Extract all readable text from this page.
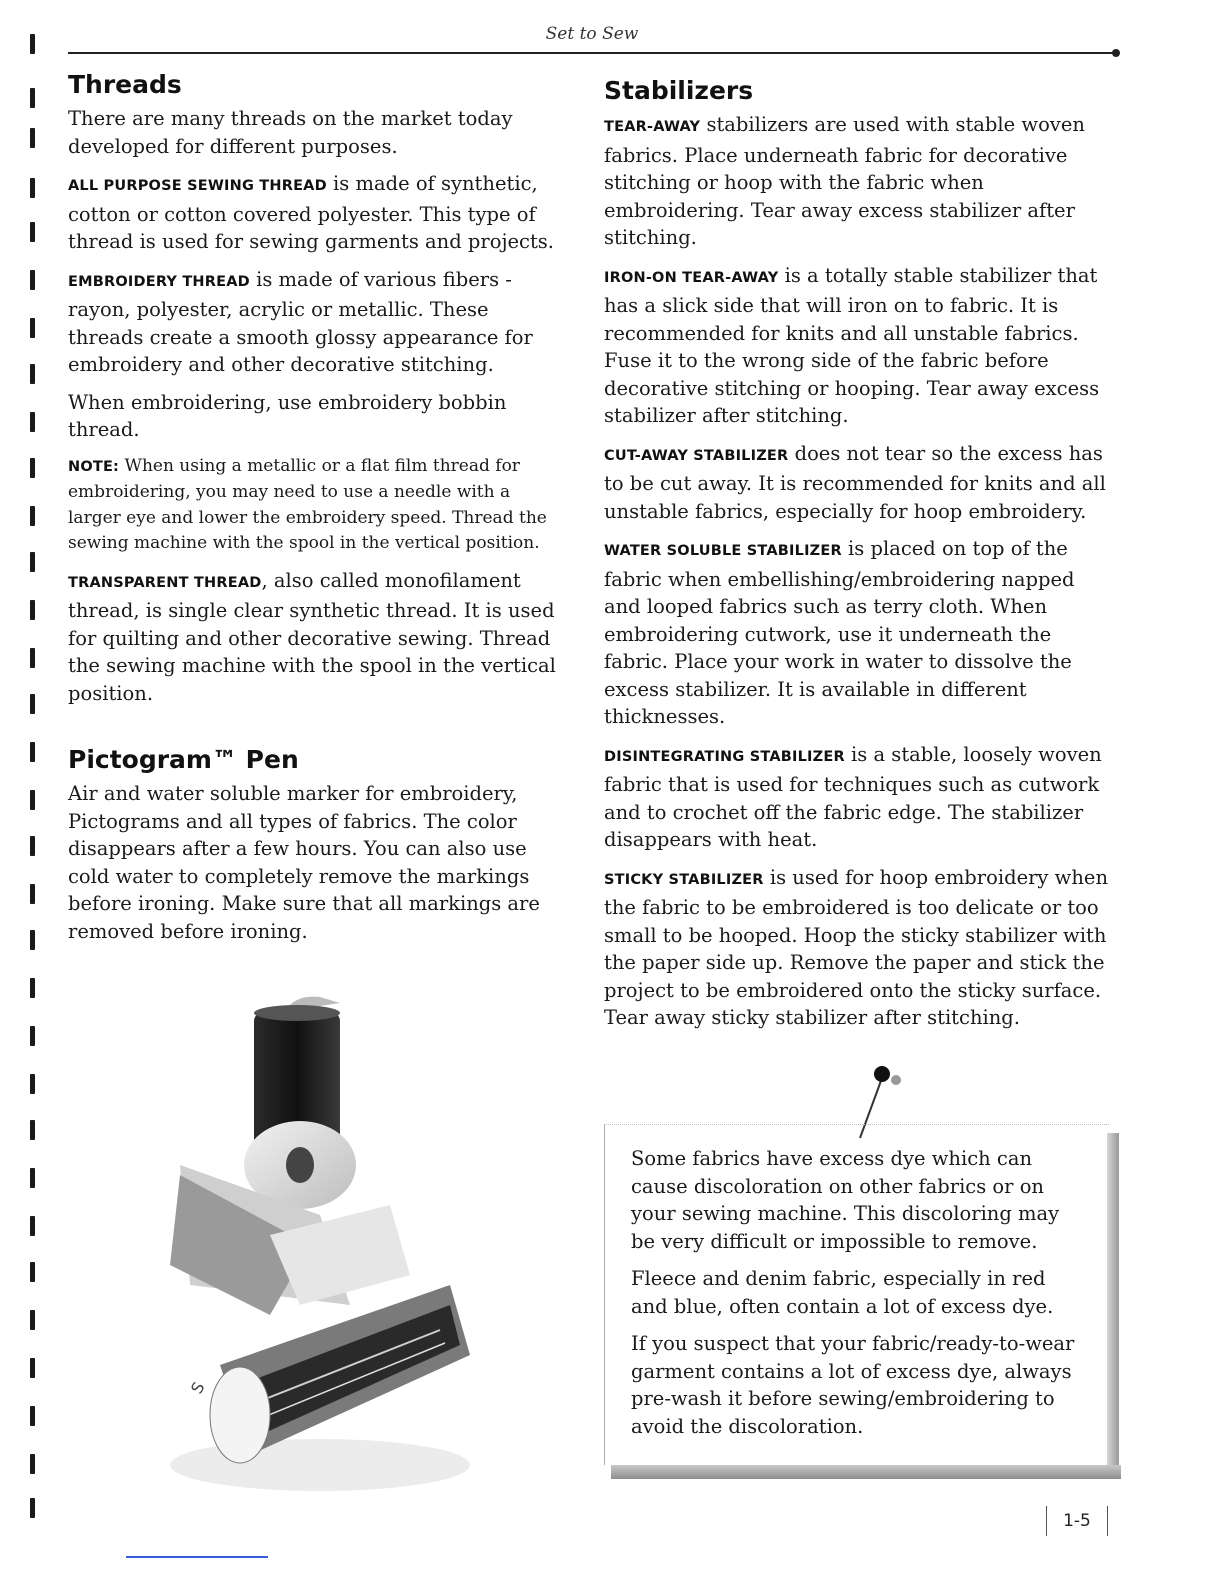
Set to Sew
Threads

There are many threads on the market today developed for different purposes.

ALL PURPOSE SEWING THREAD is made of synthetic, cotton or cotton covered polyester. This type of thread is used for sewing garments and projects.

EMBROIDERY THREAD is made of various fibers - rayon, polyester, acrylic or metallic. These threads create a smooth glossy appearance for embroidery and other decorative stitching.

When embroidering, use embroidery bobbin thread.

NOTE: When using a metallic or a flat film thread for embroidering, you may need to use a needle with a larger eye and lower the embroidery speed. Thread the sewing machine with the spool in the vertical position.

TRANSPARENT THREAD, also called monofilament thread, is single clear synthetic thread. It is used for quilting and other decorative sewing. Thread the sewing machine with the spool in the vertical position.

Pictogram™ Pen

Air and water soluble marker for embroidery, Pictograms and all types of fabrics. The color disappears after a few hours. You can also use cold water to completely remove the markings before ironing. Make sure that all markings are removed before ironing.

S
Stabilizers

TEAR-AWAY stabilizers are used with stable woven fabrics. Place underneath fabric for decorative stitching or hoop with the fabric when embroidering. Tear away excess stabilizer after stitching.

IRON-ON TEAR-AWAY is a totally stable stabilizer that has a slick side that will iron on to fabric. It is recommended for knits and all unstable fabrics. Fuse it to the wrong side of the fabric before decorative stitching or hooping. Tear away excess stabilizer after stitching.

CUT-AWAY STABILIZER does not tear so the excess has to be cut away. It is recommended for knits and all unstable fabrics, especially for hoop embroidery.

WATER SOLUBLE STABILIZER is placed on top of the fabric when embellishing/embroidering napped and looped fabrics such as terry cloth. When embroidering cutwork, use it underneath the fabric. Place your work in water to dissolve the excess stabilizer. It is available in different thicknesses.

DISINTEGRATING STABILIZER is a stable, loosely woven fabric that is used for techniques such as cutwork and to crochet off the fabric edge. The stabilizer disappears with heat.

STICKY STABILIZER is used for hoop embroidery when the fabric to be embroidered is too delicate or too small to be hooped. Hoop the sticky stabilizer with the paper side up. Remove the paper and stick the project to be embroidered onto the sticky surface. Tear away sticky stabilizer after stitching.

Some fabrics have excess dye which can cause discoloration on other fabrics or on your sewing machine. This discoloring may be very difficult or impossible to remove.

Fleece and denim fabric, especially in red and blue, often contain a lot of excess dye.

If you suspect that your fabric/ready-to-wear garment contains a lot of excess dye, always pre-wash it before sewing/embroidering to avoid the discoloration.

1-5
